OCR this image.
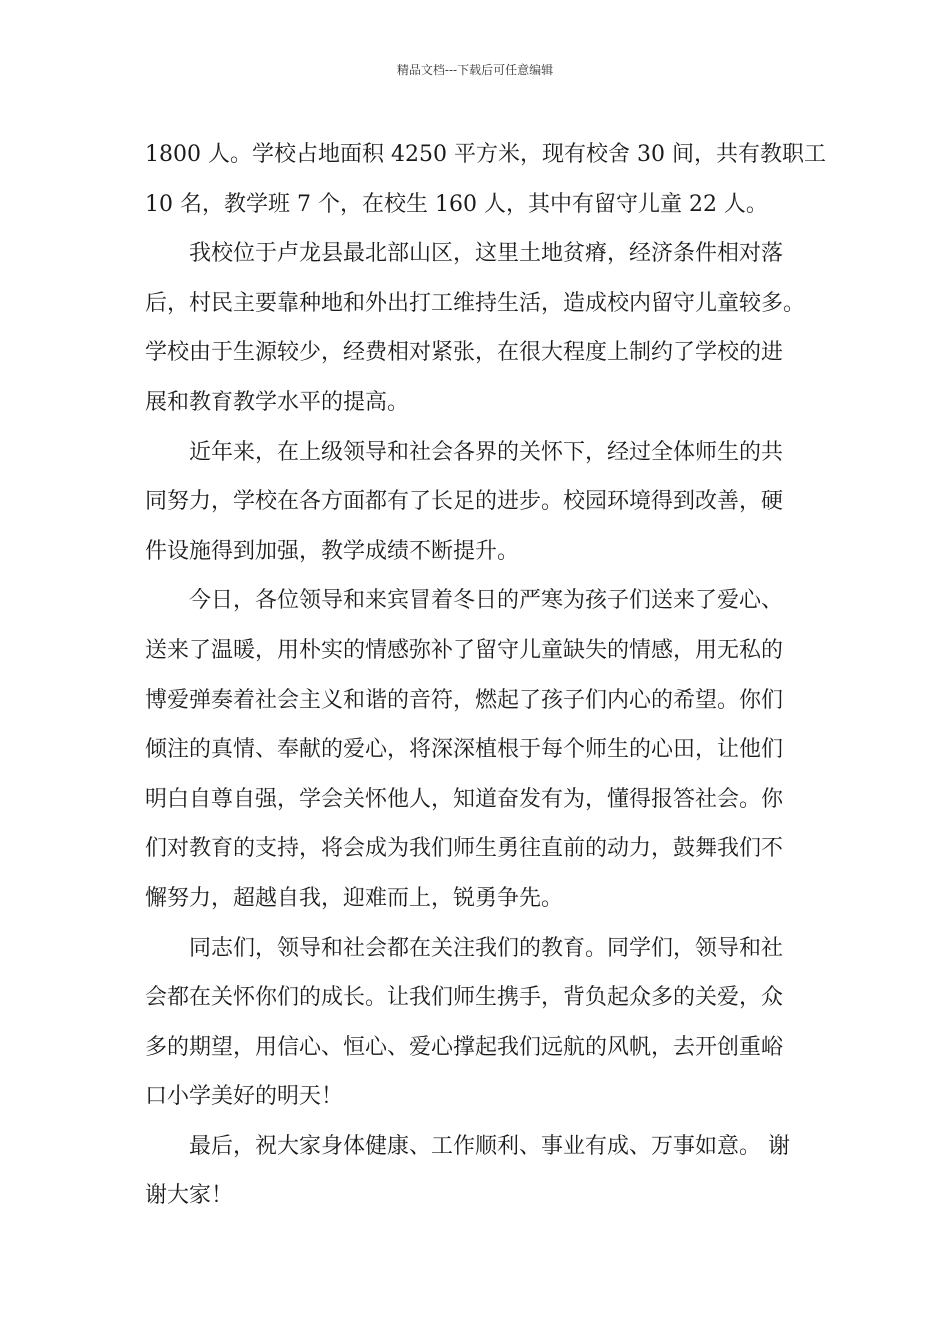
精品文档---下载后可任意编辑
1800 人。学校占地面积 4250 平方米，现有校舍 30 间，共有教职工
10 名，教学班 7 个，在校生 160 人，其中有留守儿童 22 人。
我校位于卢龙县最北部山区，这里土地贫瘠，经济条件相对落
后，村民主要靠种地和外出打工维持生活，造成校内留守儿童较多。
学校由于生源较少，经费相对紧张，在很大程度上制约了学校的进
展和教育教学水平的提高。
近年来，在上级领导和社会各界的关怀下，经过全体师生的共
同努力，学校在各方面都有了长足的进步。校园环境得到改善，硬
件设施得到加强，教学成绩不断提升。
今日，各位领导和来宾冒着冬日的严寒为孩子们送来了爱心、
送来了温暖，用朴实的情感弥补了留守儿童缺失的情感，用无私的
博爱弹奏着社会主义和谐的音符，燃起了孩子们内心的希望。你们
倾注的真情、奉献的爱心，将深深植根于每个师生的心田，让他们
明白自尊自强，学会关怀他人，知道奋发有为，懂得报答社会。你
们对教育的支持，将会成为我们师生勇往直前的动力，鼓舞我们不
懈努力，超越自我，迎难而上，锐勇争先。
同志们，领导和社会都在关注我们的教育。同学们，领导和社
会都在关怀你们的成长。让我们师生携手，背负起众多的关爱，众
多的期望，用信心、恒心、爱心撑起我们远航的风帆，去开创重峪
口小学美好的明天！
最后，祝大家身体健康、工作顺利、事业有成、万事如意。 谢
谢大家！
